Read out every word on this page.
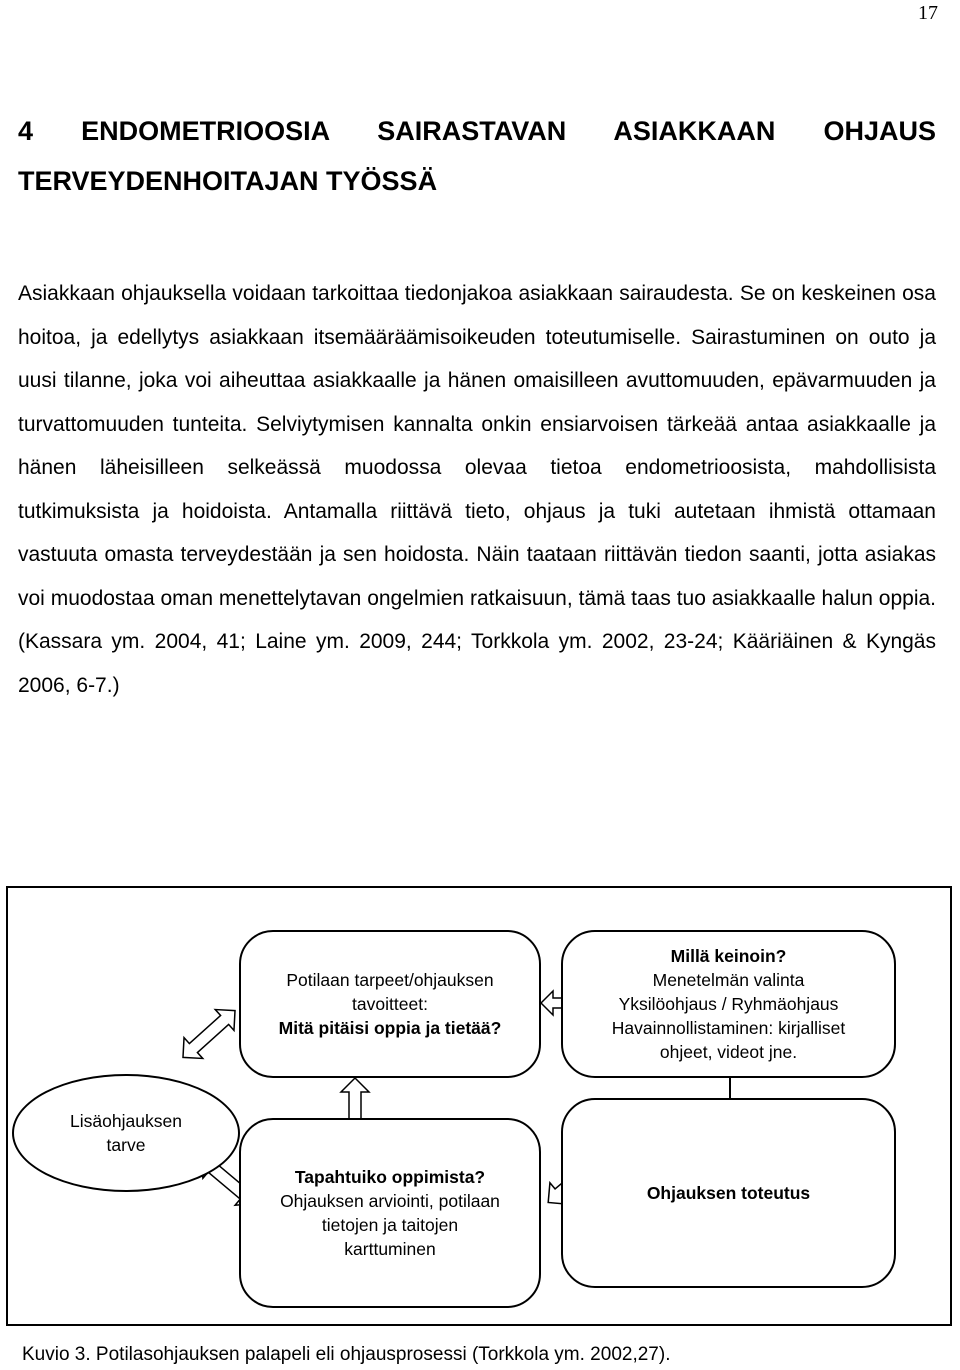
17
4 ENDOMETRIOOSIA SAIRASTAVAN ASIAKKAAN OHJAUS
TERVEYDENHOITAJAN TYÖSSÄ

Asiakkaan ohjauksella voidaan tarkoittaa tiedonjakoa asiakkaan sairaudesta. Se on keskeinen osa hoitoa, ja edellytys asiakkaan itsemääräämisoikeuden toteutumiselle. Sairastuminen on outo ja uusi tilanne, joka voi aiheuttaa asiakkaalle ja hänen omaisilleen avuttomuuden, epävarmuuden ja turvattomuuden tunteita. Selviytymisen kannalta onkin ensiarvoisen tärkeää antaa asiakkaalle ja hänen läheisilleen selkeässä muodossa olevaa tietoa endometrioosista, mahdollisista tutkimuksista ja hoidoista. Antamalla riittävä tieto, ohjaus ja tuki autetaan ihmistä ottamaan vastuuta omasta terveydestään ja sen hoidosta. Näin taataan riittävän tiedon saanti, jotta asiakas voi muodostaa oman menettelytavan ongelmien ratkaisuun, tämä taas tuo asiakkaalle halun oppia. (Kassara ym. 2004, 41; Laine ym. 2009, 244; Torkkola ym. 2002, 23-24; Kääriäinen & Kyngäs 2006, 6-7.)

Potilaan tarpeet/ohjauksen
tavoitteet:
Mitä pitäisi oppia ja tietää?
Millä keinoin?
Menetelmän valinta
Yksilöohjaus / Ryhmäohjaus
Havainnollistaminen: kirjalliset
ohjeet, videot jne.
Tapahtuiko oppimista?
Ohjauksen arviointi, potilaan
tietojen ja taitojen
karttuminen
Ohjauksen toteutus
Lisäohjauksen
tarve

Kuvio 3. Potilasohjauksen palapeli eli ohjausprosessi (Torkkola ym. 2002,27).
